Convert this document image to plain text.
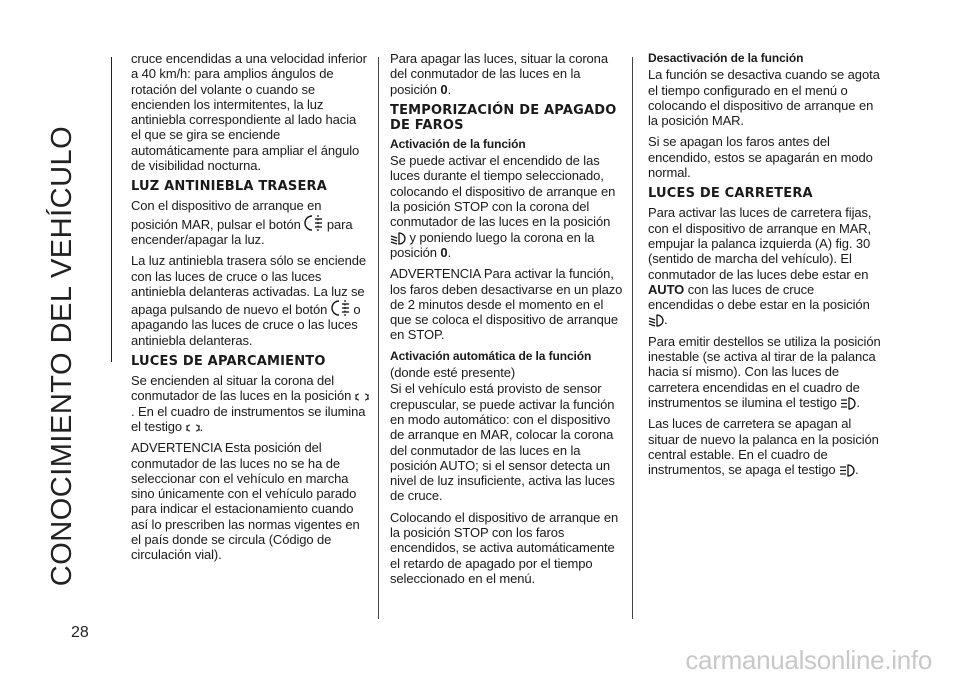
CONOCIMIENTO DEL VEHÍCULO
28

cruce encendidas a una velocidad inferior a 40 km/h: para amplios ángulos de rotación del volante o cuando se encienden los intermitentes, la luz antiniebla correspondiente al lado hacia el que se gira se enciende automáticamente para ampliar el ángulo de visibilidad nocturna.

LUZ ANTINIEBLA TRASERA

Con el dispositivo de arranque en posición MAR, pulsar el botón para encender/apagar la luz.

La luz antiniebla trasera sólo se enciende con las luces de cruce o las luces antiniebla delanteras activadas. La luz se apaga pulsando de nuevo el botón o apagando las luces de cruce o las luces antiniebla delanteras.

LUCES DE APARCAMIENTO

Se encienden al situar la corona del conmutador de las luces en la posición
. En el cuadro de instrumentos se ilumina el testigo .

ADVERTENCIA Esta posición del conmutador de las luces no se ha de seleccionar con el vehículo en marcha sino únicamente con el vehículo parado para indicar el estacionamiento cuando así lo prescriben las normas vigentes en el país donde se circula (Código de circulación vial).

Para apagar las luces, situar la corona del conmutador de las luces en la posición 0.

TEMPORIZACIÓN DE APAGADO DE FAROS
Activación de la función

Se puede activar el encendido de las luces durante el tiempo seleccionado, colocando el dispositivo de arranque en la posición STOP con la corona del conmutador de las luces en la posición
y poniendo luego la corona en la posición 0.

ADVERTENCIA Para activar la función, los faros deben desactivarse en un plazo de 2 minutos desde el momento en el que se coloca el dispositivo de arranque en STOP.

Activación automática de la función

(donde esté presente)

Si el vehículo está provisto de sensor crepuscular, se puede activar la función en modo automático: con el dispositivo de arranque en MAR, colocar la corona del conmutador de las luces en la posición AUTO; si el sensor detecta un nivel de luz insuficiente, activa las luces de cruce.

Colocando el dispositivo de arranque en la posición STOP con los faros encendidos, se activa automáticamente el retardo de apagado por el tiempo seleccionado en el menú.

Desactivación de la función

La función se desactiva cuando se agota el tiempo configurado en el menú o colocando el dispositivo de arranque en la posición MAR.

Si se apagan los faros antes del encendido, estos se apagarán en modo normal.

LUCES DE CARRETERA

Para activar las luces de carretera fijas, con el dispositivo de arranque en MAR, empujar la palanca izquierda (A) fig. 30 (sentido de marcha del vehículo). El conmutador de las luces debe estar en AUTO con las luces de cruce encendidas o debe estar en la posición
.

Para emitir destellos se utiliza la posición inestable (se activa al tirar de la palanca hacia sí mismo). Con las luces de carretera encendidas en el cuadro de instrumentos se ilumina el testigo .

Las luces de carretera se apagan al situar de nuevo la palanca en la posición central estable. En el cuadro de instrumentos, se apaga el testigo .

carmanualsonline.info
